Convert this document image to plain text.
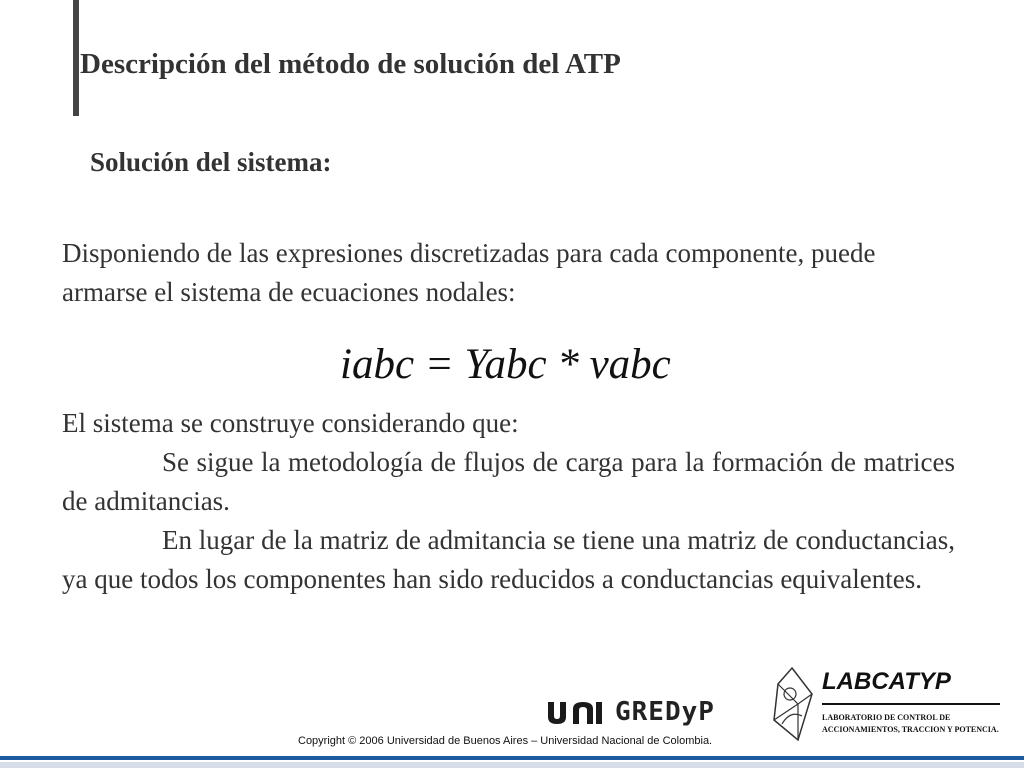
Descripción del método de solución del ATP
Solución del sistema:
Disponiendo de las expresiones discretizadas para cada componente, puede armarse el sistema de ecuaciones nodales:
iabc = Yabc * vabc
El sistema se construye considerando que:
Se sigue la metodología de flujos de carga para la formación de matrices de admitancias.
En lugar de la matriz de admitancia se tiene una matriz de conductancias, ya que todos los componentes han sido reducidos a conductancias equivalentes.
GREDyP
Copyright © 2006 Universidad de Buenos Aires – Universidad Nacional de Colombia.
LABCATYP
LABORATORIO DE CONTROL DE
ACCIONAMIENTOS, TRACCION Y POTENCIA.
